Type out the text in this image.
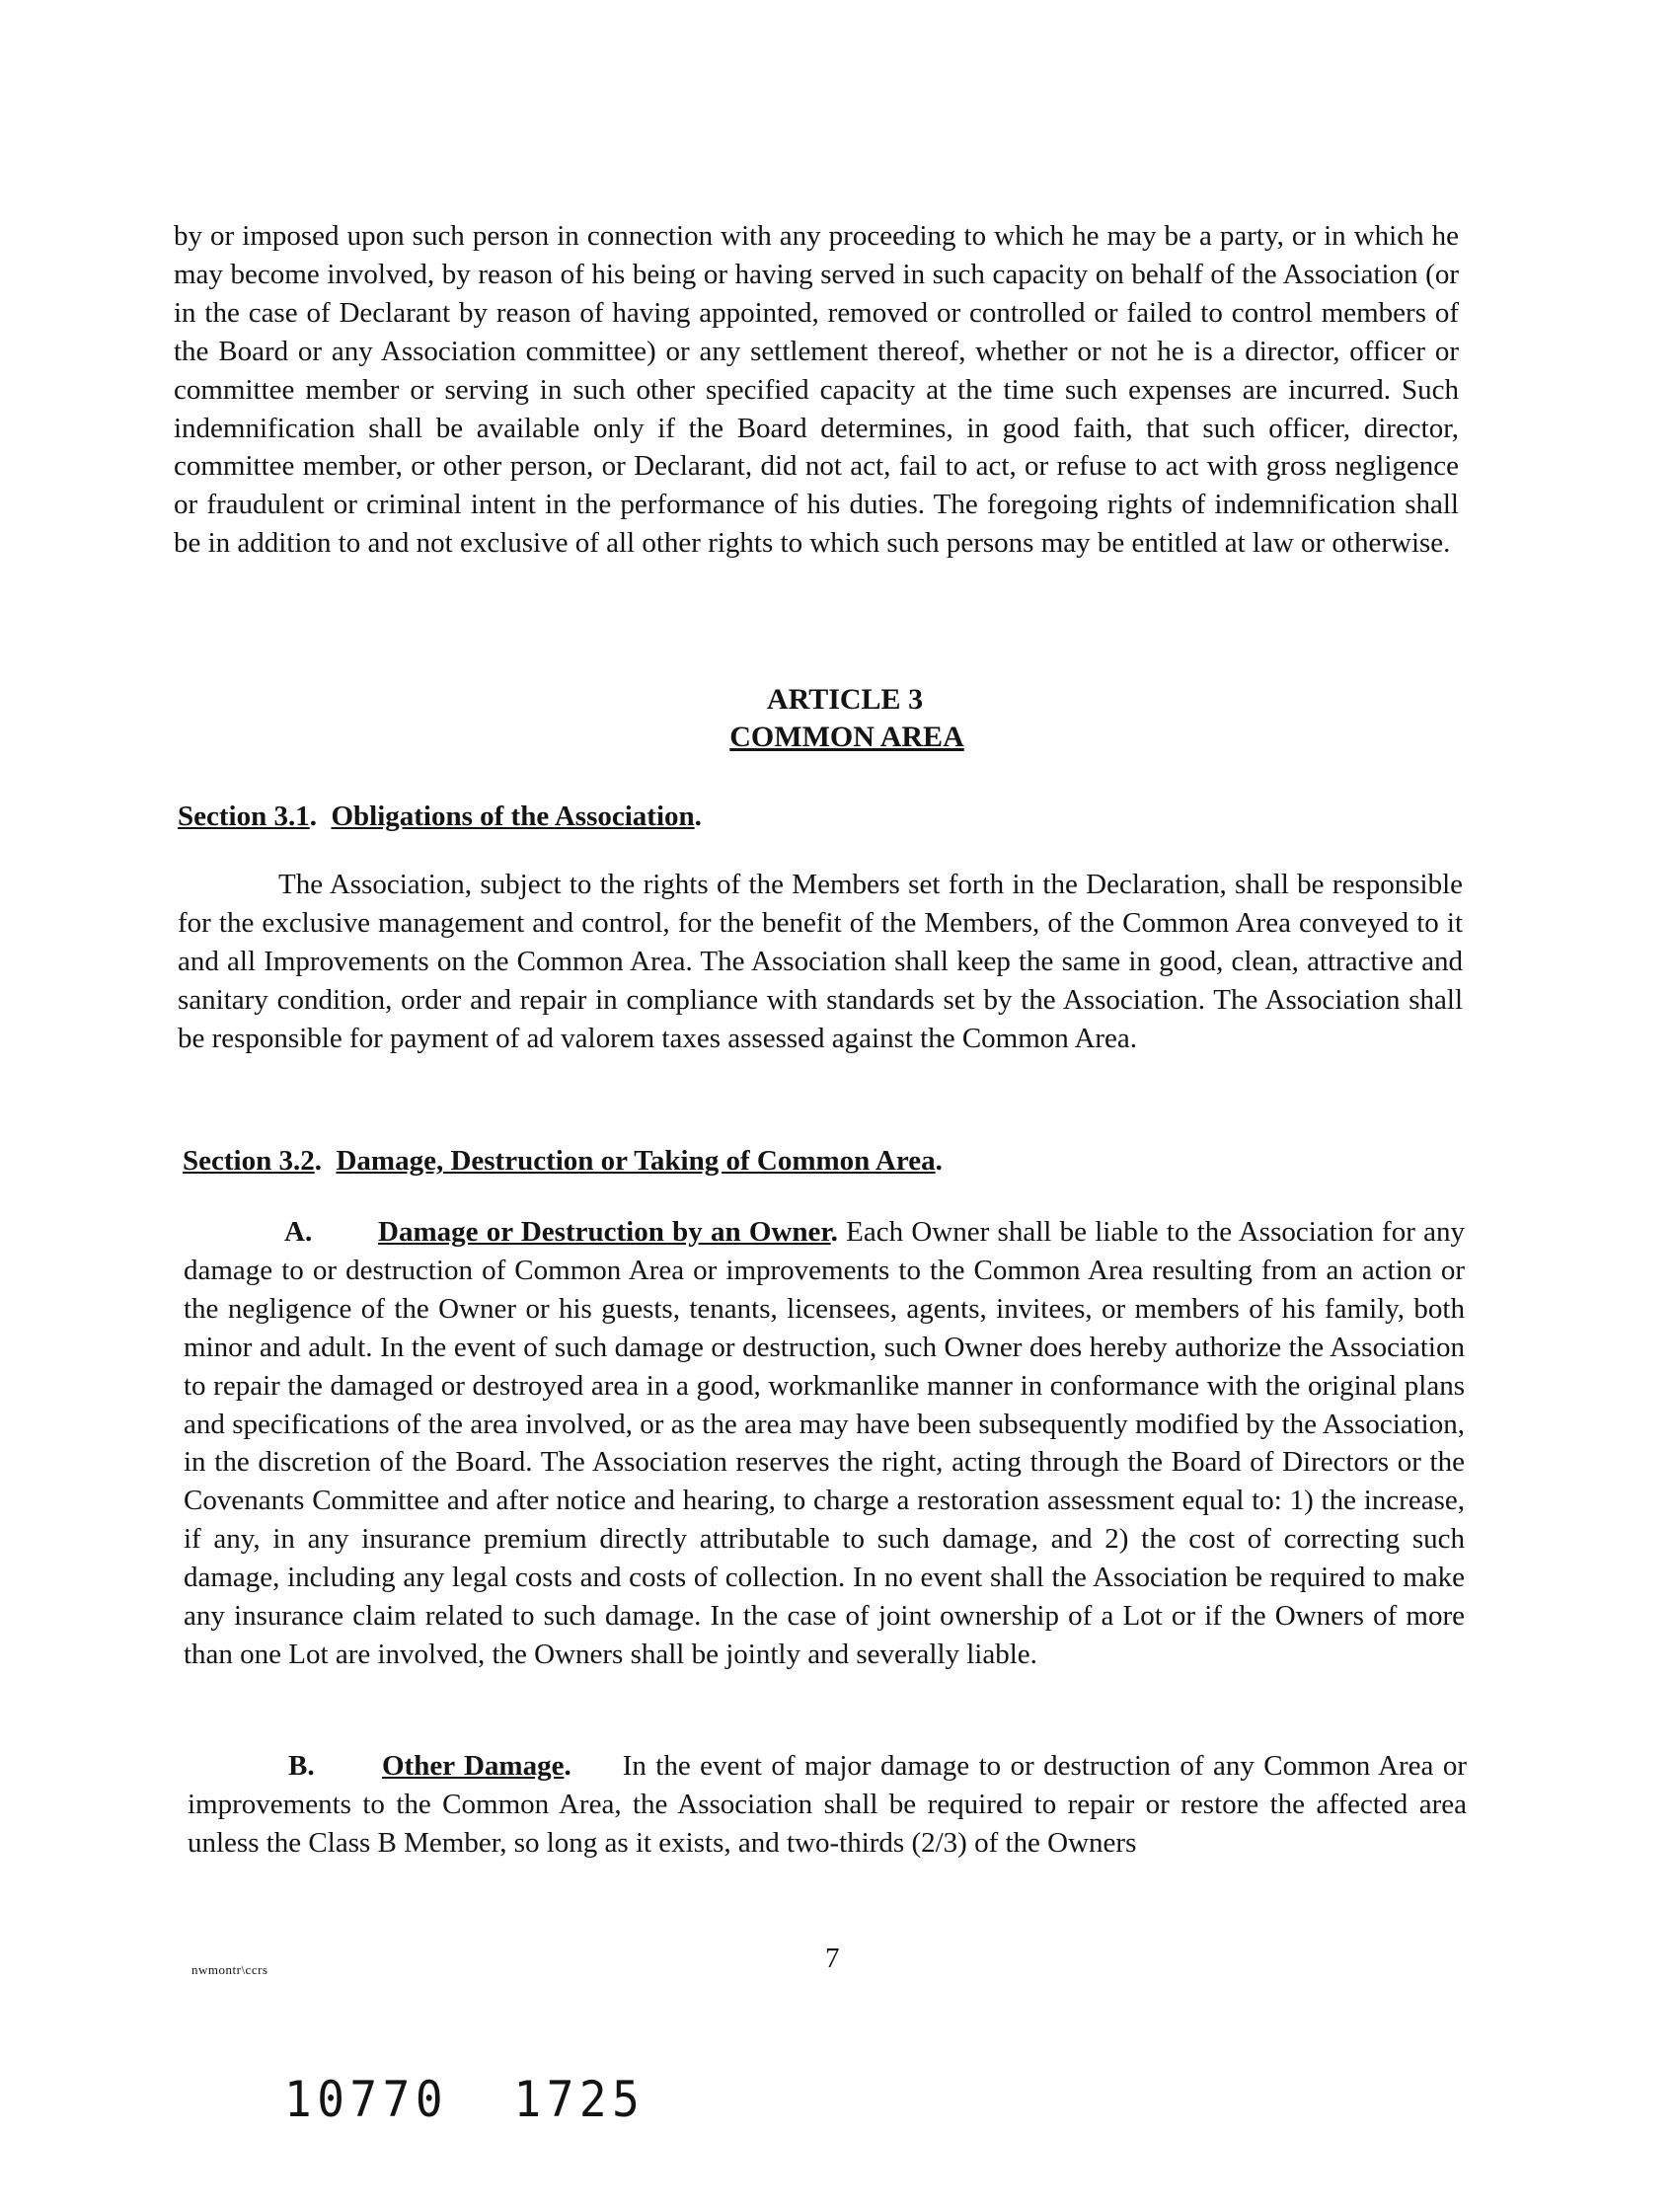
by or imposed upon such person in connection with any proceeding to which he may be a party, or in which he may become involved, by reason of his being or having served in such capacity on behalf of the Association (or in the case of Declarant by reason of having appointed, removed or controlled or failed to control members of the Board or any Association committee) or any settlement thereof, whether or not he is a director, officer or committee member or serving in such other specified capacity at the time such expenses are incurred. Such indemnification shall be available only if the Board determines, in good faith, that such officer, director, committee member, or other person, or Declarant, did not act, fail to act, or refuse to act with gross negligence or fraudulent or criminal intent in the performance of his duties. The foregoing rights of indemnification shall be in addition to and not exclusive of all other rights to which such persons may be entitled at law or otherwise.

ARTICLE 3
COMMON AREA
Section 3.1.  Obligations of the Association.

The Association, subject to the rights of the Members set forth in the Declaration, shall be responsible for the exclusive management and control, for the benefit of the Members, of the Common Area conveyed to it and all Improvements on the Common Area. The Association shall keep the same in good, clean, attractive and sanitary condition, order and repair in compliance with standards set by the Association. The Association shall be responsible for payment of ad valorem taxes assessed against the Common Area.

Section 3.2.  Damage, Destruction or Taking of Common Area.

A. Damage or Destruction by an Owner. Each Owner shall be liable to the Association for any damage to or destruction of Common Area or improvements to the Common Area resulting from an action or the negligence of the Owner or his guests, tenants, licensees, agents, invitees, or members of his family, both minor and adult. In the event of such damage or destruction, such Owner does hereby authorize the Association to repair the damaged or destroyed area in a good, workmanlike manner in conformance with the original plans and specifications of the area involved, or as the area may have been subsequently modified by the Association, in the discretion of the Board. The Association reserves the right, acting through the Board of Directors or the Covenants Committee and after notice and hearing, to charge a restoration assessment equal to: 1) the increase, if any, in any insurance premium directly attributable to such damage, and 2) the cost of correcting such damage, including any legal costs and costs of collection. In no event shall the Association be required to make any insurance claim related to such damage. In the case of joint ownership of a Lot or if the Owners of more than one Lot are involved, the Owners shall be jointly and severally liable.

B. Other Damage. In the event of major damage to or destruction of any Common Area or improvements to the Common Area, the Association shall be required to repair or restore the affected area unless the Class B Member, so long as it exists, and two-thirds (2/3) of the Owners

nwmontr\ccrs	7

10770  1725
